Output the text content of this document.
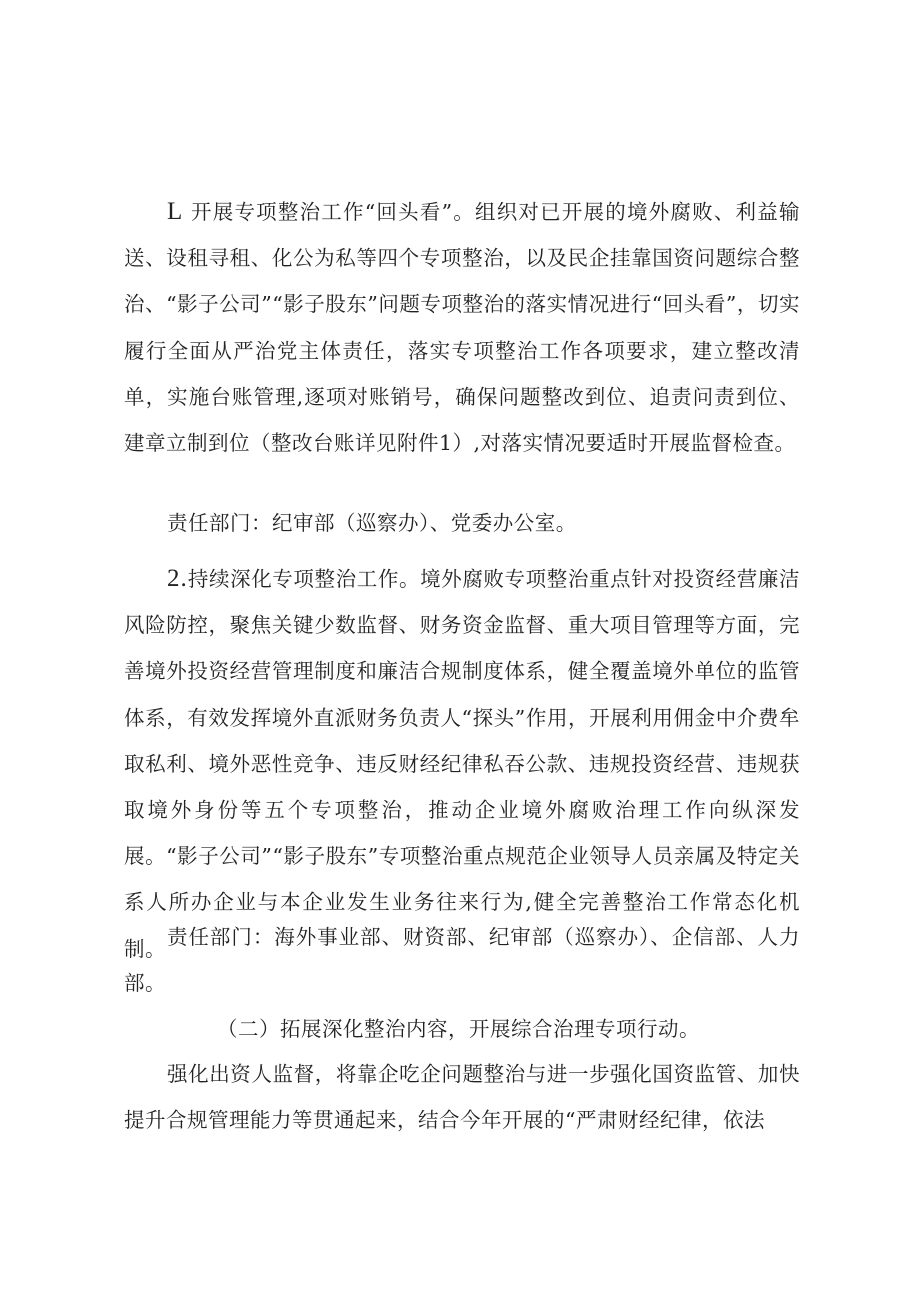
L 开展专项整治工作“回头看”。组织对已开展的境外腐败、利益输送、设租寻租、化公为私等四个专项整治，以及民企挂靠国资问题综合整治、“影子公司”“影子股东”问题专项整治的落实情况进行“回头看”，切实履行全面从严治党主体责任，落实专项整治工作各项要求，建立整改清单，实施台账管理,逐项对账销号，确保问题整改到位、追责问责到位、建章立制到位（整改台账详见附件1）,对落实情况要适时开展监督检查。

责任部门：纪审部（巡察办）、党委办公室。

2.持续深化专项整治工作。境外腐败专项整治重点针对投资经营廉洁风险防控，聚焦关键少数监督、财务资金监督、重大项目管理等方面，完善境外投资经营管理制度和廉洁合规制度体系，健全覆盖境外单位的监管体系，有效发挥境外直派财务负责人“探头”作用，开展利用佣金中介费牟取私利、境外恶性竞争、违反财经纪律私吞公款、违规投资经营、违规获取境外身份等五个专项整治，推动企业境外腐败治理工作向纵深发展。“影子公司”“影子股东”专项整治重点规范企业领导人员亲属及特定关系人所办企业与本企业发生业务往来行为,健全完善整治工作常态化机制。 责任部门：海外事业部、财资部、纪审部（巡察办）、企信部、人力部。

（二）拓展深化整治内容，开展综合治理专项行动。

强化出资人监督，将靠企吃企问题整治与进一步强化国资监管、加快提升合规管理能力等贯通起来，结合今年开展的“严肃财经纪律，依法
